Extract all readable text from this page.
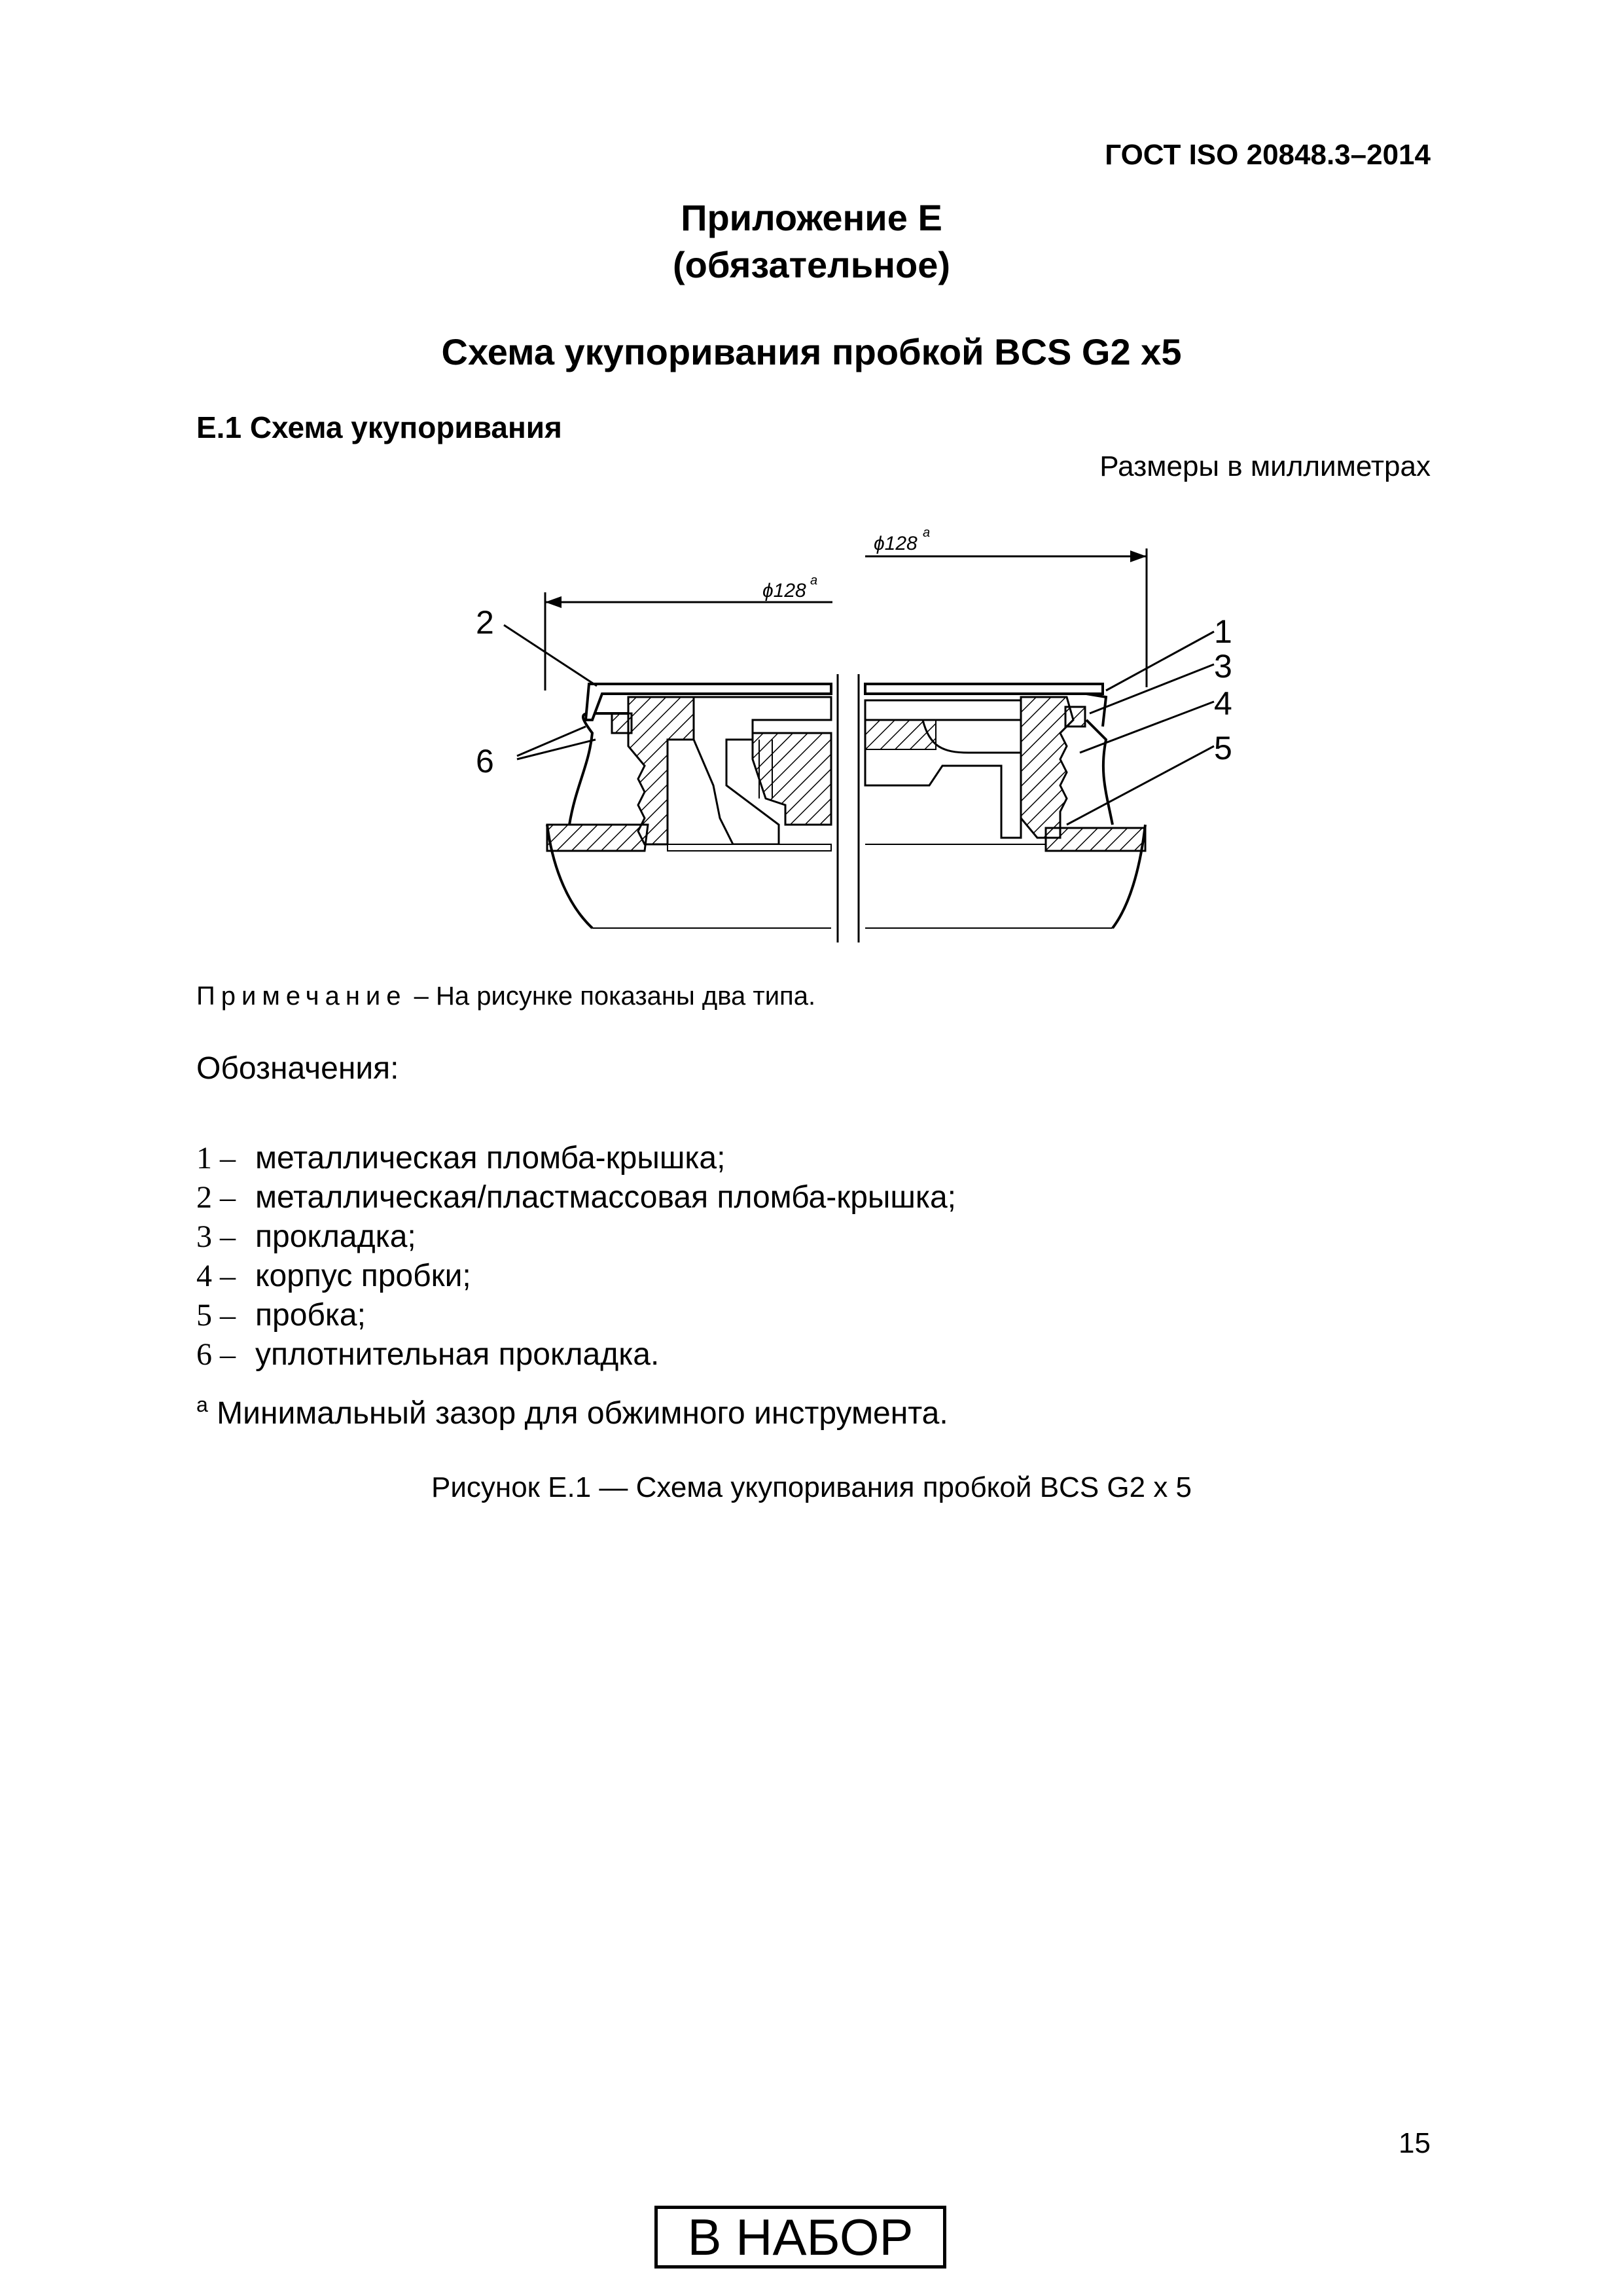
ГОСТ ISO 20848.3–2014
Приложение Е
(обязательное)
Схема укупоривания пробкой BCS G2 x5
Е.1 Схема укупоривания
Размеры в миллиметрах
ϕ128 a
ϕ128 a
1
2
3
4
5
6
Примечание – На рисунке показаны два типа.
Обозначения:
1 – металлическая пломба-крышка;
2 – металлическая/пластмассовая пломба-крышка;
3 – прокладка;
4 – корпус пробки;
5 – пробка;
6 – уплотнительная прокладка.
$^a$ Минимальный зазор для обжимного инструмента.
Рисунок Е.1 — Схема укупоривания пробкой BCS G2 x 5
15
В НАБОР
